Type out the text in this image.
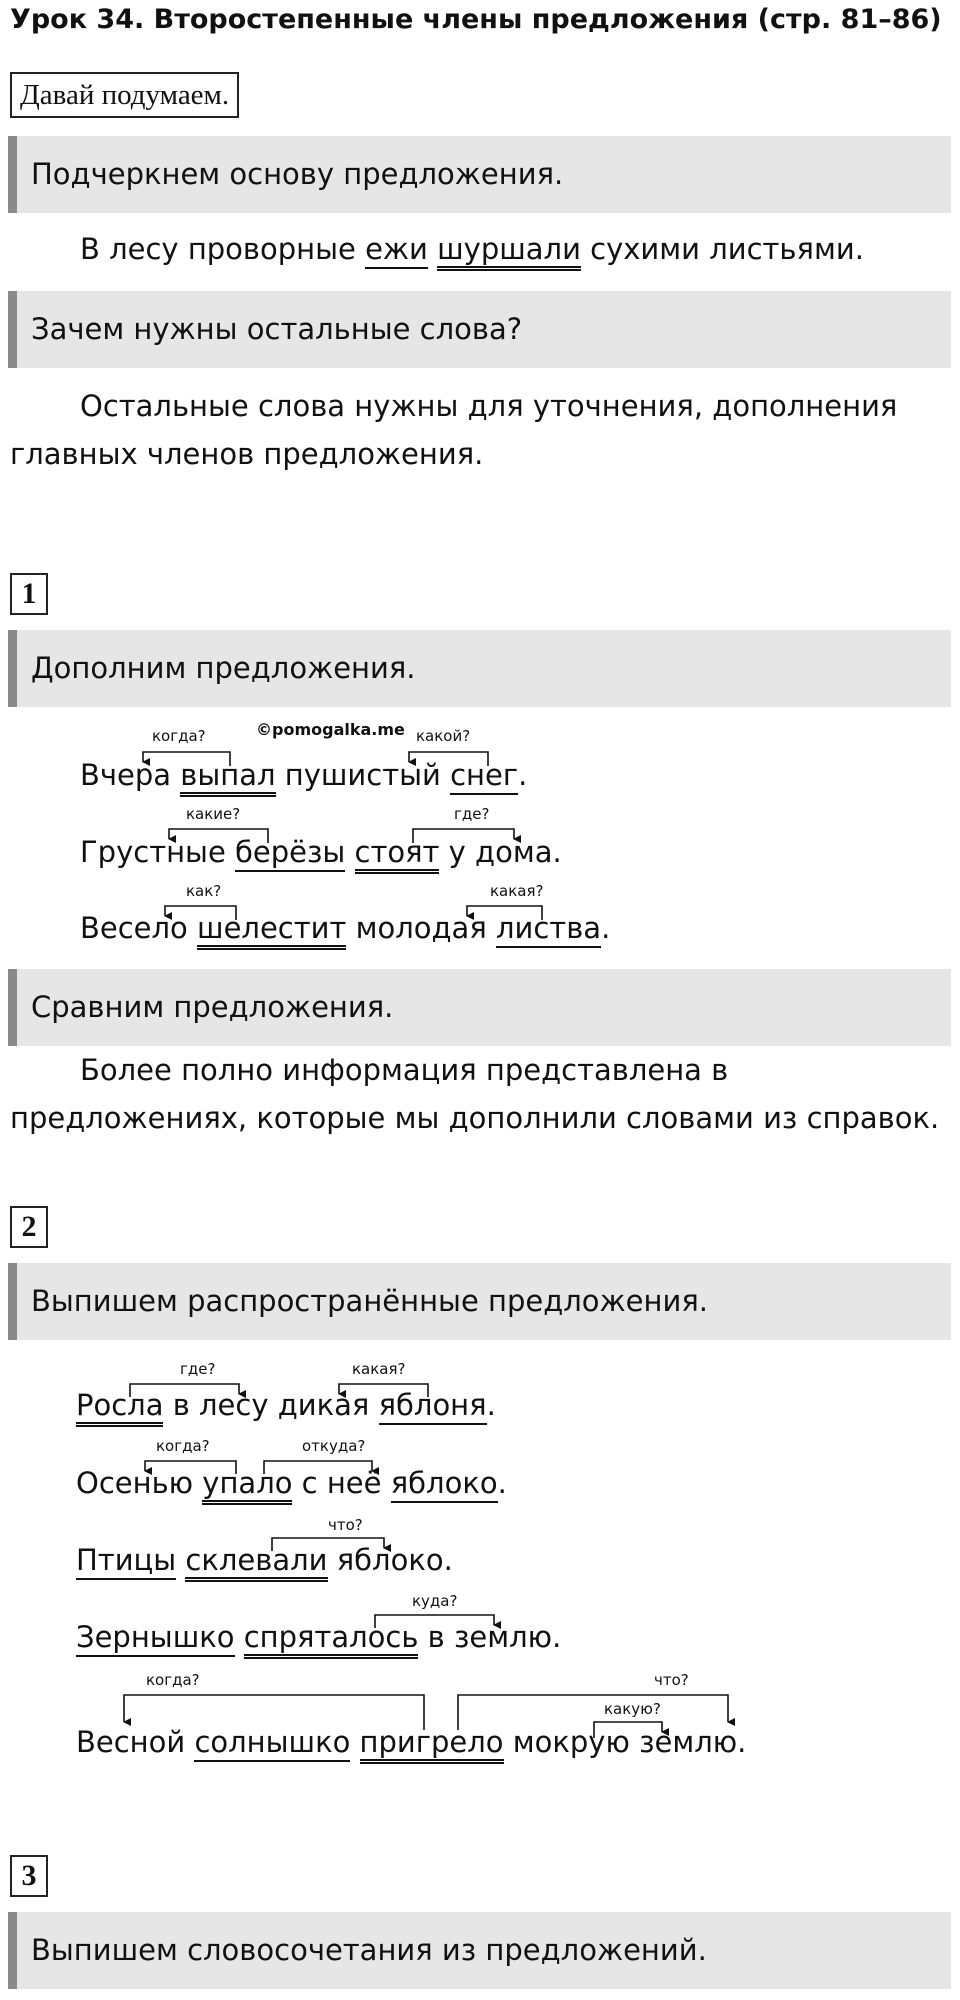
Урок 34. Второстепенные члены предложения (стр. 81–86)
Давай подумаем.
Подчеркнем основу предложения.
В лесу проворные ежи шуршали сухими листьями.
Зачем нужны остальные слова?
Остальные слова нужны для уточнения, дополнения
главных членов предложения.
1
Дополним предложения.
©pomogalka.me
когда?	какой?
Вчера выпал пушистый снег.
какие?	где?
Грустные берёзы стоят у дома.
как?	какая?
Весело шелестит молодая листва.
Сравним предложения.
Более полно информация представлена в
предложениях, которые мы дополнили словами из справок.
2
Выпишем распространённые предложения.
где?	какая?
Росла в лесу дикая яблоня.
когда?	откуда?
Осенью упало с неё яблоко.
что?
Птицы склевали яблоко.
куда?
Зернышко спряталось в землю.
когда?	что?
какую?
Весной солнышко пригрело мокрую землю.
3
Выпишем словосочетания из предложений.
